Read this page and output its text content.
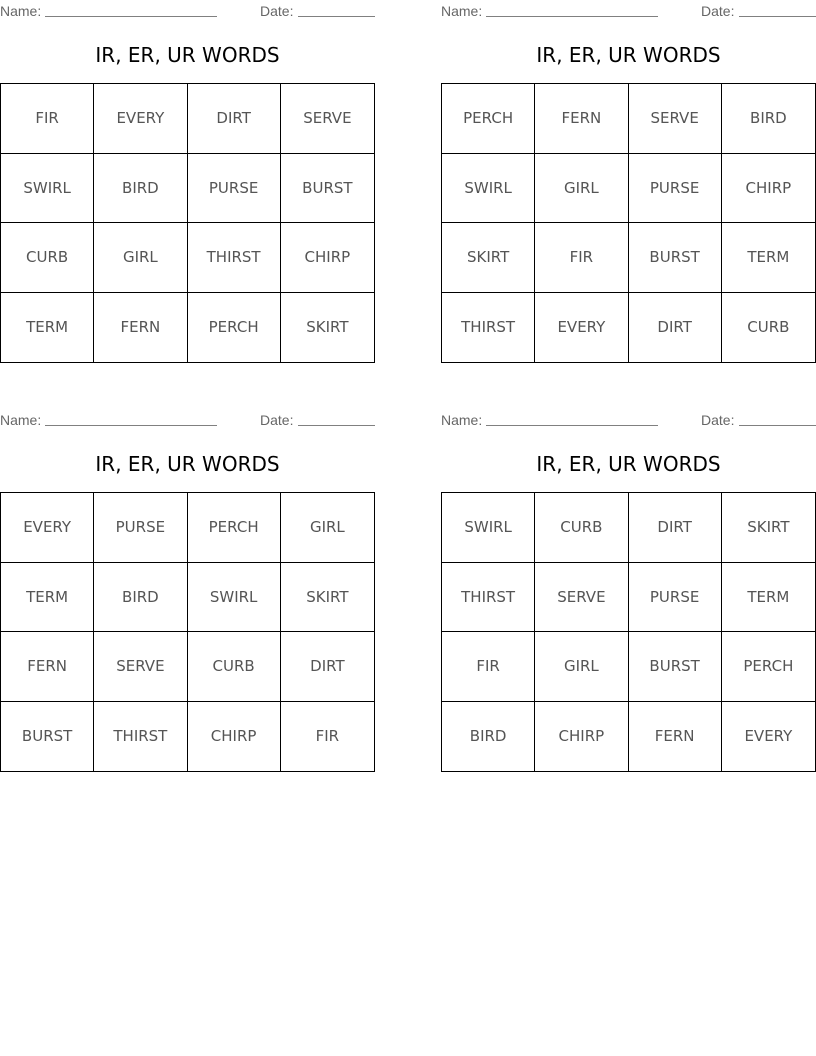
Name:	Date:
IR, ER, UR WORDS
FIR	EVERY	DIRT	SERVE
SWIRL	BIRD	PURSE	BURST
CURB	GIRL	THIRST	CHIRP
TERM	FERN	PERCH	SKIRT
Name:	Date:
IR, ER, UR WORDS
PERCH	FERN	SERVE	BIRD
SWIRL	GIRL	PURSE	CHIRP
SKIRT	FIR	BURST	TERM
THIRST	EVERY	DIRT	CURB
Name:	Date:
IR, ER, UR WORDS
EVERY	PURSE	PERCH	GIRL
TERM	BIRD	SWIRL	SKIRT
FERN	SERVE	CURB	DIRT
BURST	THIRST	CHIRP	FIR
Name:	Date:
IR, ER, UR WORDS
SWIRL	CURB	DIRT	SKIRT
THIRST	SERVE	PURSE	TERM
FIR	GIRL	BURST	PERCH
BIRD	CHIRP	FERN	EVERY
